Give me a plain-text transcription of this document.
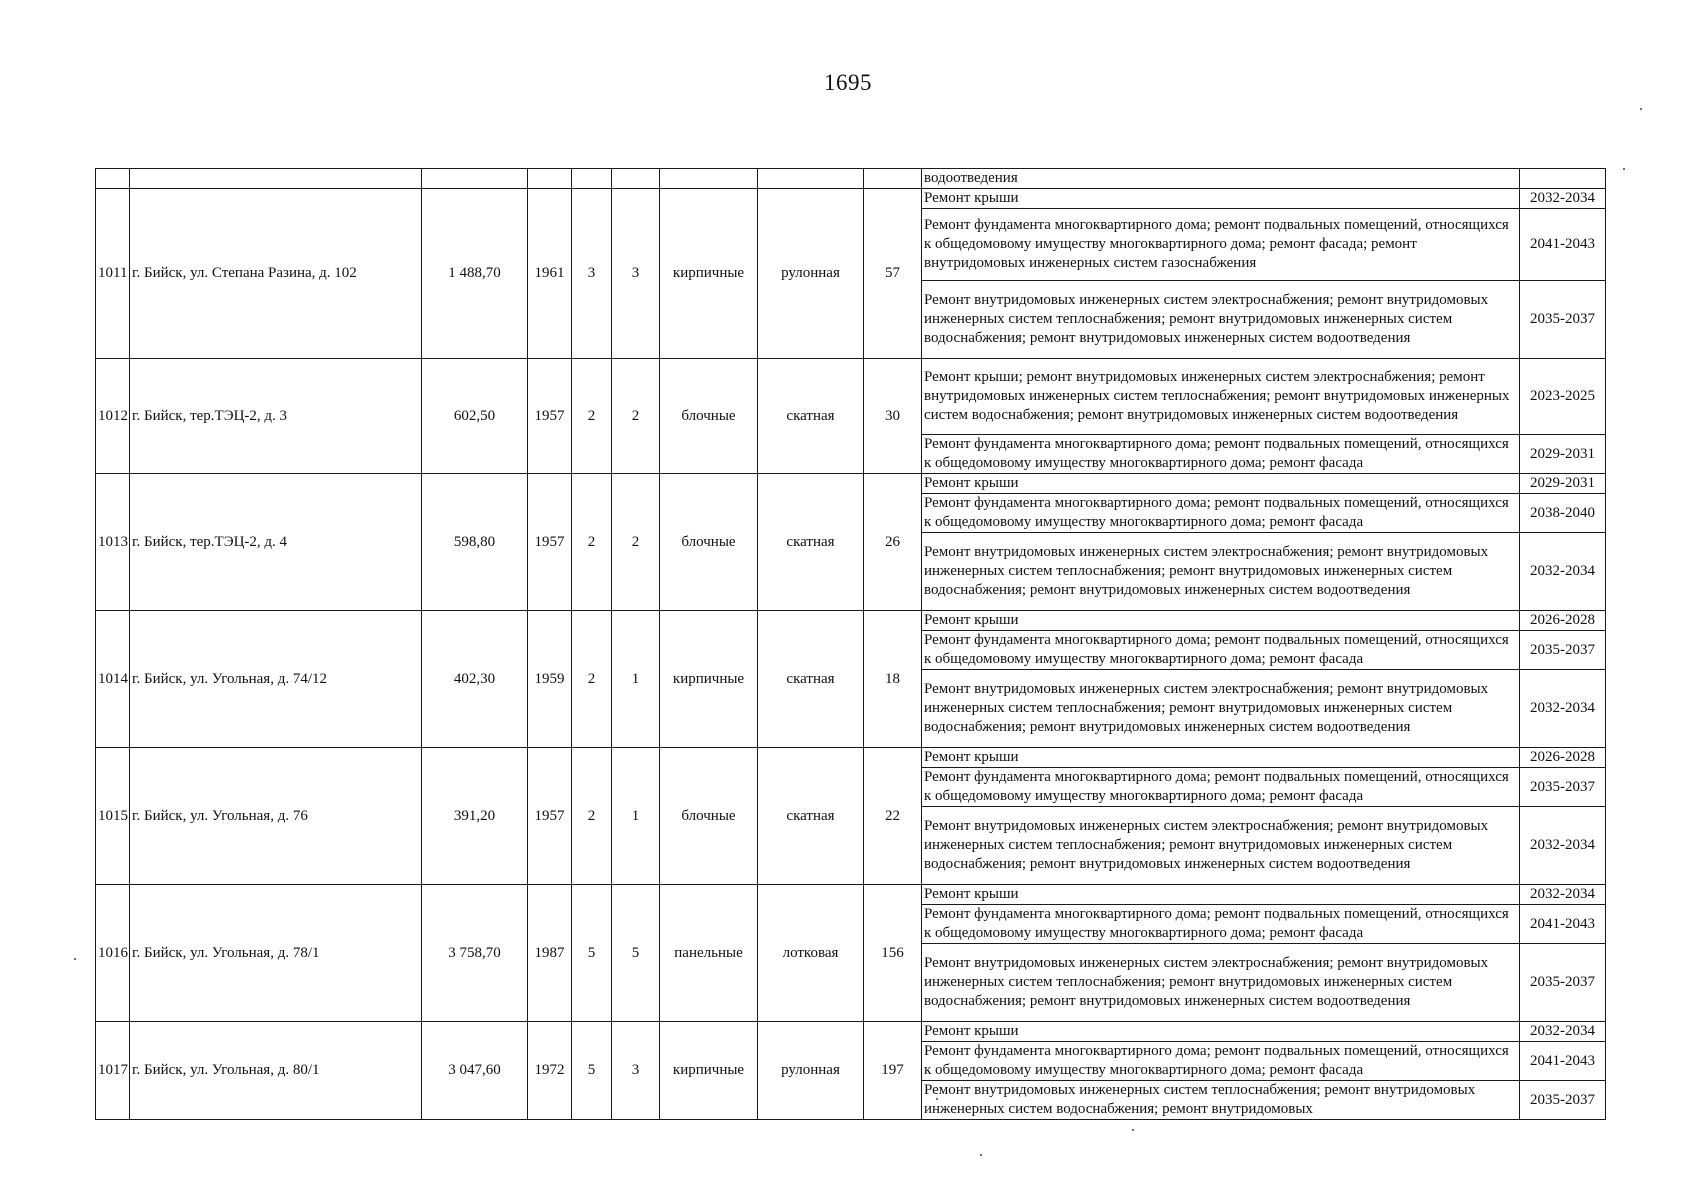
1695
									водоотведения	
1011	г. Бийск, ул. Степана Разина, д. 102	1 488,70	1961	3	3	кирпичные	рулонная	57	Ремонт крыши	2032-2034
									Ремонт фундамента многоквартирного дома; ремонт подвальных помещений, относящихся к общедомовому имуществу многоквартирного дома; ремонт фасада; ремонт внутридомовых инженерных систем газоснабжения	2041-2043
									Ремонт внутридомовых инженерных систем электроснабжения; ремонт внутридомовых инженерных систем теплоснабжения; ремонт внутридомовых инженерных систем водоснабжения; ремонт внутридомовых инженерных систем водоотведения	2035-2037
1012	г. Бийск, тер.ТЭЦ-2, д. 3	602,50	1957	2	2	блочные	скатная	30	Ремонт крыши; ремонт внутридомовых инженерных систем электроснабжения; ремонт внутридомовых инженерных систем теплоснабжения; ремонт внутридомовых инженерных систем водоснабжения; ремонт внутридомовых инженерных систем водоотведения	2023-2025
									Ремонт фундамента многоквартирного дома; ремонт подвальных помещений, относящихся к общедомовому имуществу многоквартирного дома; ремонт фасада	2029-2031
1013	г. Бийск, тер.ТЭЦ-2, д. 4	598,80	1957	2	2	блочные	скатная	26	Ремонт крыши	2029-2031
									Ремонт фундамента многоквартирного дома; ремонт подвальных помещений, относящихся к общедомовому имуществу многоквартирного дома; ремонт фасада	2038-2040
									Ремонт внутридомовых инженерных систем электроснабжения; ремонт внутридомовых инженерных систем теплоснабжения; ремонт внутридомовых инженерных систем водоснабжения; ремонт внутридомовых инженерных систем водоотведения	2032-2034
1014	г. Бийск, ул. Угольная, д. 74/12	402,30	1959	2	1	кирпичные	скатная	18	Ремонт крыши	2026-2028
									Ремонт фундамента многоквартирного дома; ремонт подвальных помещений, относящихся к общедомовому имуществу многоквартирного дома; ремонт фасада	2035-2037
									Ремонт внутридомовых инженерных систем электроснабжения; ремонт внутридомовых инженерных систем теплоснабжения; ремонт внутридомовых инженерных систем водоснабжения; ремонт внутридомовых инженерных систем водоотведения	2032-2034
1015	г. Бийск, ул. Угольная, д. 76	391,20	1957	2	1	блочные	скатная	22	Ремонт крыши	2026-2028
									Ремонт фундамента многоквартирного дома; ремонт подвальных помещений, относящихся к общедомовому имуществу многоквартирного дома; ремонт фасада	2035-2037
									Ремонт внутридомовых инженерных систем электроснабжения; ремонт внутридомовых инженерных систем теплоснабжения; ремонт внутридомовых инженерных систем водоснабжения; ремонт внутридомовых инженерных систем водоотведения	2032-2034
1016	г. Бийск, ул. Угольная, д. 78/1	3 758,70	1987	5	5	панельные	лотковая	156	Ремонт крыши	2032-2034
									Ремонт фундамента многоквартирного дома; ремонт подвальных помещений, относящихся к общедомовому имуществу многоквартирного дома; ремонт фасада	2041-2043
									Ремонт внутридомовых инженерных систем электроснабжения; ремонт внутридомовых инженерных систем теплоснабжения; ремонт внутридомовых инженерных систем водоснабжения; ремонт внутридомовых инженерных систем водоотведения	2035-2037
1017	г. Бийск, ул. Угольная, д. 80/1	3 047,60	1972	5	3	кирпичные	рулонная	197	Ремонт крыши	2032-2034
									Ремонт фундамента многоквартирного дома; ремонт подвальных помещений, относящихся к общедомовому имуществу многоквартирного дома; ремонт фасада	2041-2043
									Ремонт внутридомовых инженерных систем теплоснабжения; ремонт внутридомовых инженерных систем водоснабжения; ремонт внутридомовых	2035-2037
